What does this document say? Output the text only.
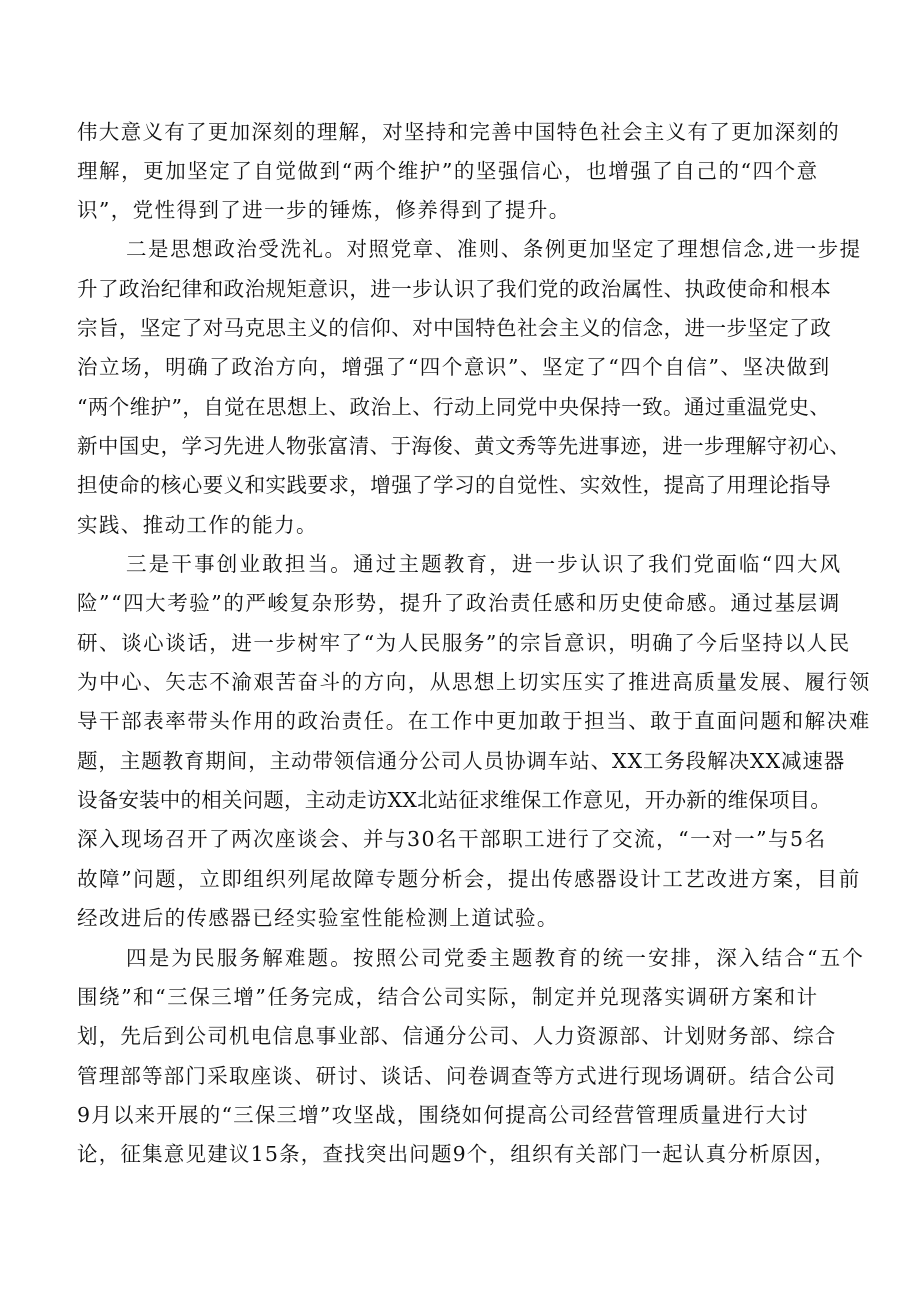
伟大意义有了更加深刻的理解，对坚持和完善中国特色社会主义有了更加深刻的
理解，更加坚定了自觉做到“两个维护”的坚强信心，也增强了自己的“四个意
识”，党性得到了进一步的锤炼，修养得到了提升。
二是思想政治受洗礼。对照党章、准则、条例更加坚定了理想信念,进一步提
升了政治纪律和政治规矩意识，进一步认识了我们党的政治属性、执政使命和根本
宗旨，坚定了对马克思主义的信仰、对中国特色社会主义的信念，进一步坚定了政
治立场，明确了政治方向，增强了“四个意识”、坚定了“四个自信”、坚决做到
“两个维护”，自觉在思想上、政治上、行动上同党中央保持一致。通过重温党史、
新中国史，学习先进人物张富清、于海俊、黄文秀等先进事迹，进一步理解守初心、
担使命的核心要义和实践要求，增强了学习的自觉性、实效性，提高了用理论指导
实践、推动工作的能力。
三是干事创业敢担当。通过主题教育，进一步认识了我们党面临“四大风
险”“四大考验”的严峻复杂形势，提升了政治责任感和历史使命感。通过基层调
研、谈心谈话，进一步树牢了“为人民服务”的宗旨意识，明确了今后坚持以人民
为中心、矢志不渝艰苦奋斗的方向，从思想上切实压实了推进高质量发展、履行领
导干部表率带头作用的政治责任。在工作中更加敢于担当、敢于直面问题和解决难
题，主题教育期间，主动带领信通分公司人员协调车站、XX工务段解决XX减速器
设备安装中的相关问题，主动走访XX北站征求维保工作意见，开办新的维保项目。
深入现场召开了两次座谈会、并与30名干部职工进行了交流，“一对一”与5名
故障”问题，立即组织列尾故障专题分析会，提出传感器设计工艺改进方案，目前
经改进后的传感器已经实验室性能检测上道试验。
四是为民服务解难题。按照公司党委主题教育的统一安排，深入结合“五个
围绕”和“三保三增”任务完成，结合公司实际，制定并兑现落实调研方案和计
划，先后到公司机电信息事业部、信通分公司、人力资源部、计划财务部、综合
管理部等部门采取座谈、研讨、谈话、问卷调查等方式进行现场调研。结合公司
9月以来开展的“三保三增”攻坚战，围绕如何提高公司经营管理质量进行大讨
论，征集意见建议15条，查找突出问题9个，组织有关部门一起认真分析原因，
